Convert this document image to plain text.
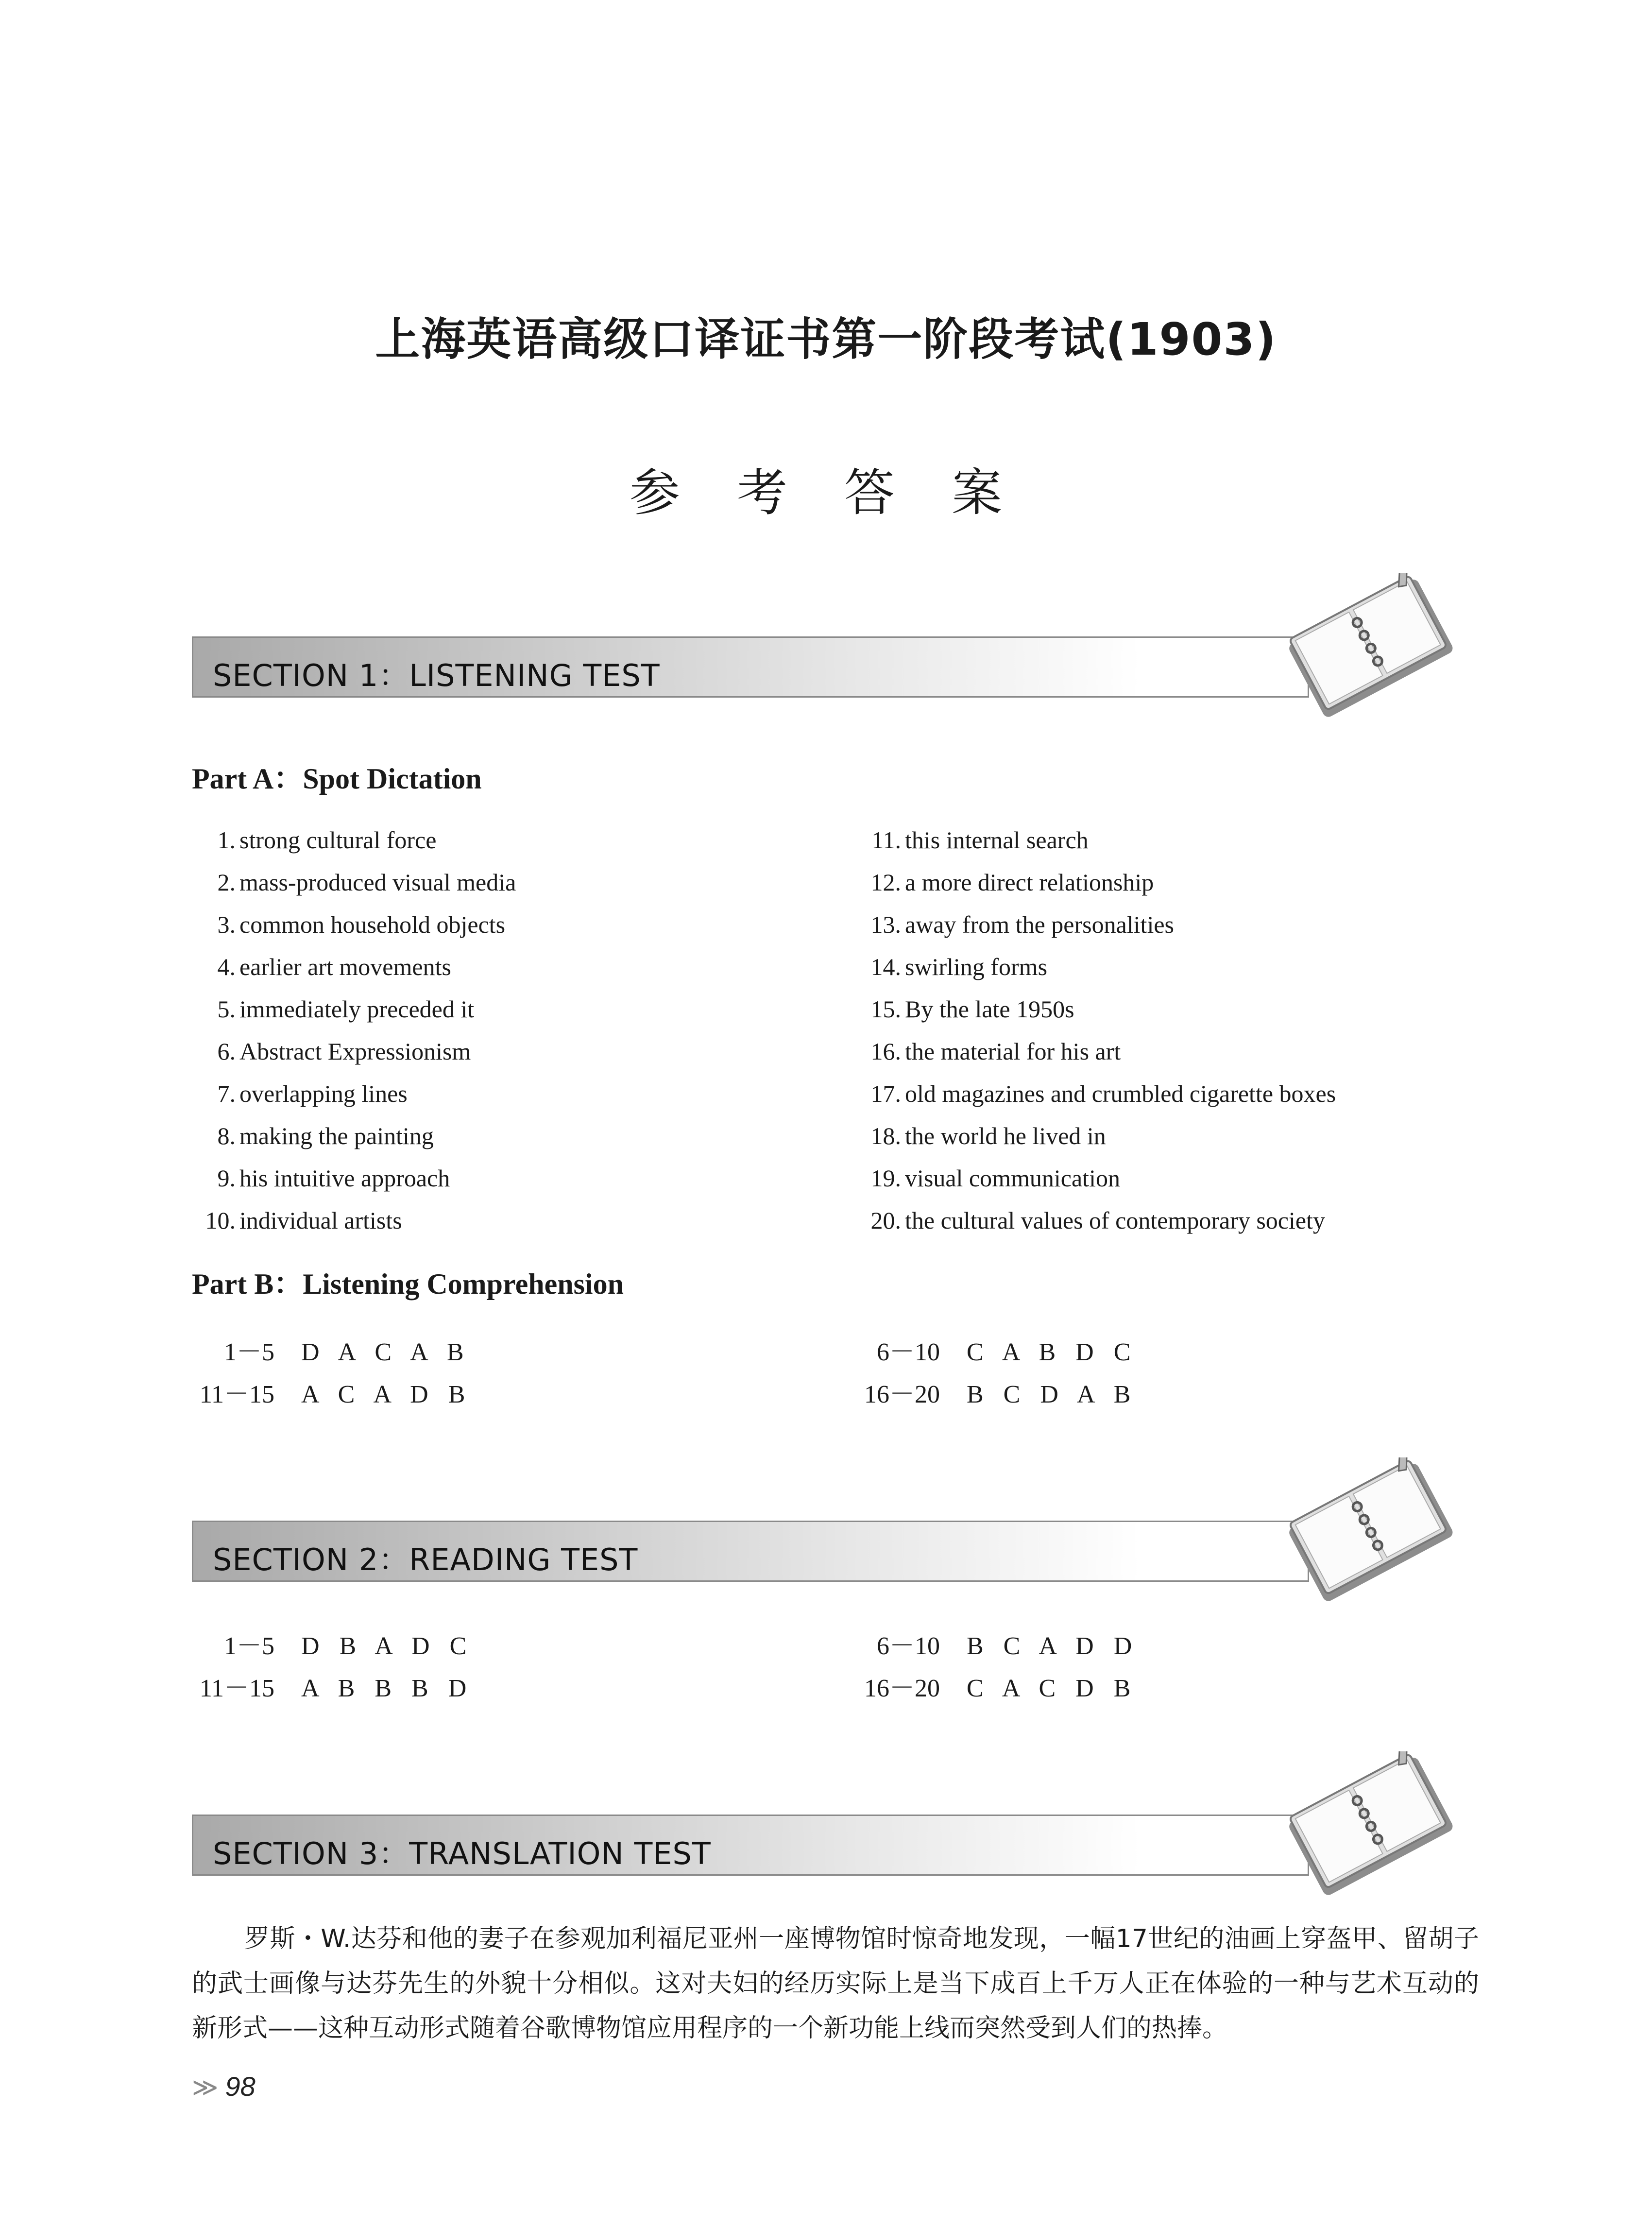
上海英语高级口译证书第一阶段考试(1903)
参 考 答 案
SECTION 1：LISTENING TEST
Part A：Spot Dictation
1. strong cultural force
2. mass-produced visual media
3. common household objects
4. earlier art movements
5. immediately preceded it
6. Abstract Expressionism
7. overlapping lines
8. making the painting
9. his intuitive approach
10. individual artists
11. this internal search
12. a more direct relationship
13. away from the personalities
14. swirling forms
15. By the late 1950s
16. the material for his art
17. old magazines and crumbled cigarette boxes
18. the world he lived in
19. visual communication
20. the cultural values of contemporary society
Part B：Listening Comprehension
1－5 D A C A B	6－10 C A B D C
11－15 A C A D B	16－20 B C D A B
SECTION 2：READING TEST
1－5 D B A D C	6－10 B C A D D
11－15 A B B B D	16－20 C A C D B
SECTION 3：TRANSLATION TEST
罗斯・W.达芬和他的妻子在参观加利福尼亚州一座博物馆时惊奇地发现，一幅17世纪的油画上穿盔甲、留胡子的武士画像与达芬先生的外貌十分相似。这对夫妇的经历实际上是当下成百上千万人正在体验的一种与艺术互动的新形式——这种互动形式随着谷歌博物馆应用程序的一个新功能上线而突然受到人们的热捧。
≫ 98
